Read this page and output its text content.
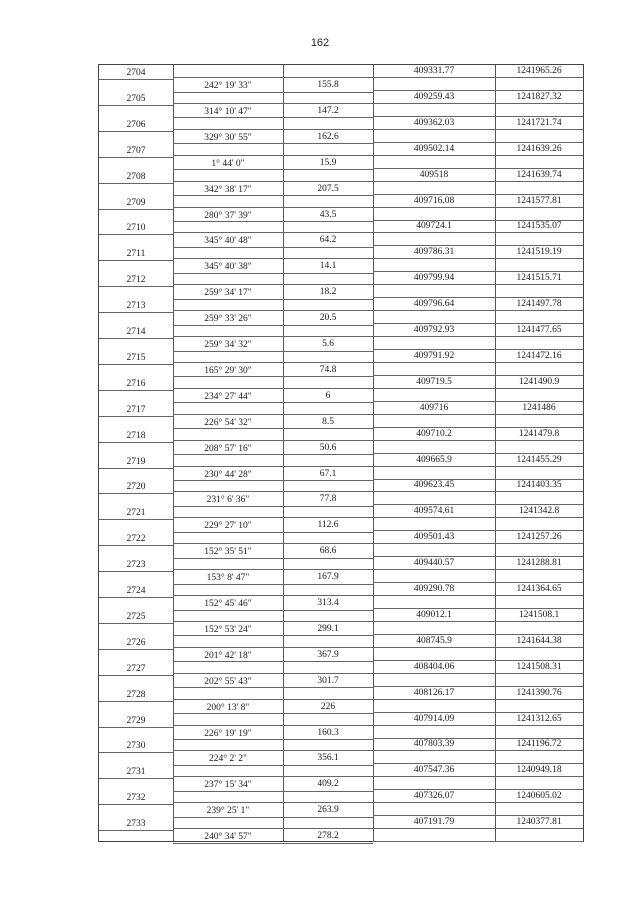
162
2704	409331.77	1241965.26
242° 19' 33"	155.8
2705	409259.43	1241827.32
314° 10' 47"	147.2
2706	409362.03	1241721.74
329° 30' 55"	162.6
2707	409502.14	1241639.26
1° 44' 0"	15.9
2708	409518	1241639.74
342° 38' 17"	207.5
2709	409716.08	1241577.81
280° 37' 39"	43.5
2710	409724.1	1241535.07
345° 40' 48"	64.2
2711	409786.31	1241519.19
345° 40' 38"	14.1
2712	409799.94	1241515.71
259° 34' 17"	18.2
2713	409796.64	1241497.78
259° 33' 26"	20.5
2714	409792.93	1241477.65
259° 34' 32"	5.6
2715	409791.92	1241472.16
165° 29' 30"	74.8
2716	409719.5	1241490.9
234° 27' 44"	6
2717	409716	1241486
226° 54' 32"	8.5
2718	409710.2	1241479.8
208° 57' 16"	50.6
2719	409665.9	1241455.29
230° 44' 28"	67.1
2720	409623.45	1241403.35
231° 6' 36"	77.8
2721	409574.61	1241342.8
229° 27' 10"	112.6
2722	409501.43	1241257.26
152° 35' 51"	68.6
2723	409440.57	1241288.81
153° 8' 47"	167.9
2724	409290.78	1241364.65
152° 45' 46"	313.4
2725	409012.1	1241508.1
152° 53' 24"	299.1
2726	408745.9	1241644.38
201° 42' 18"	367.9
2727	408404.06	1241508.31
202° 55' 43"	301.7
2728	408126.17	1241390.76
200° 13' 8"	226
2729	407914.09	1241312.65
226° 19' 19"	160.3
2730	407803.39	1241196.72
224° 2' 2"	356.1
2731	407547.36	1240949.18
237° 15' 34"	409.2
2732	407326.07	1240605.02
239° 25' 1"	263.9
2733	407191.79	1240377.81
240° 34' 57"	278.2
